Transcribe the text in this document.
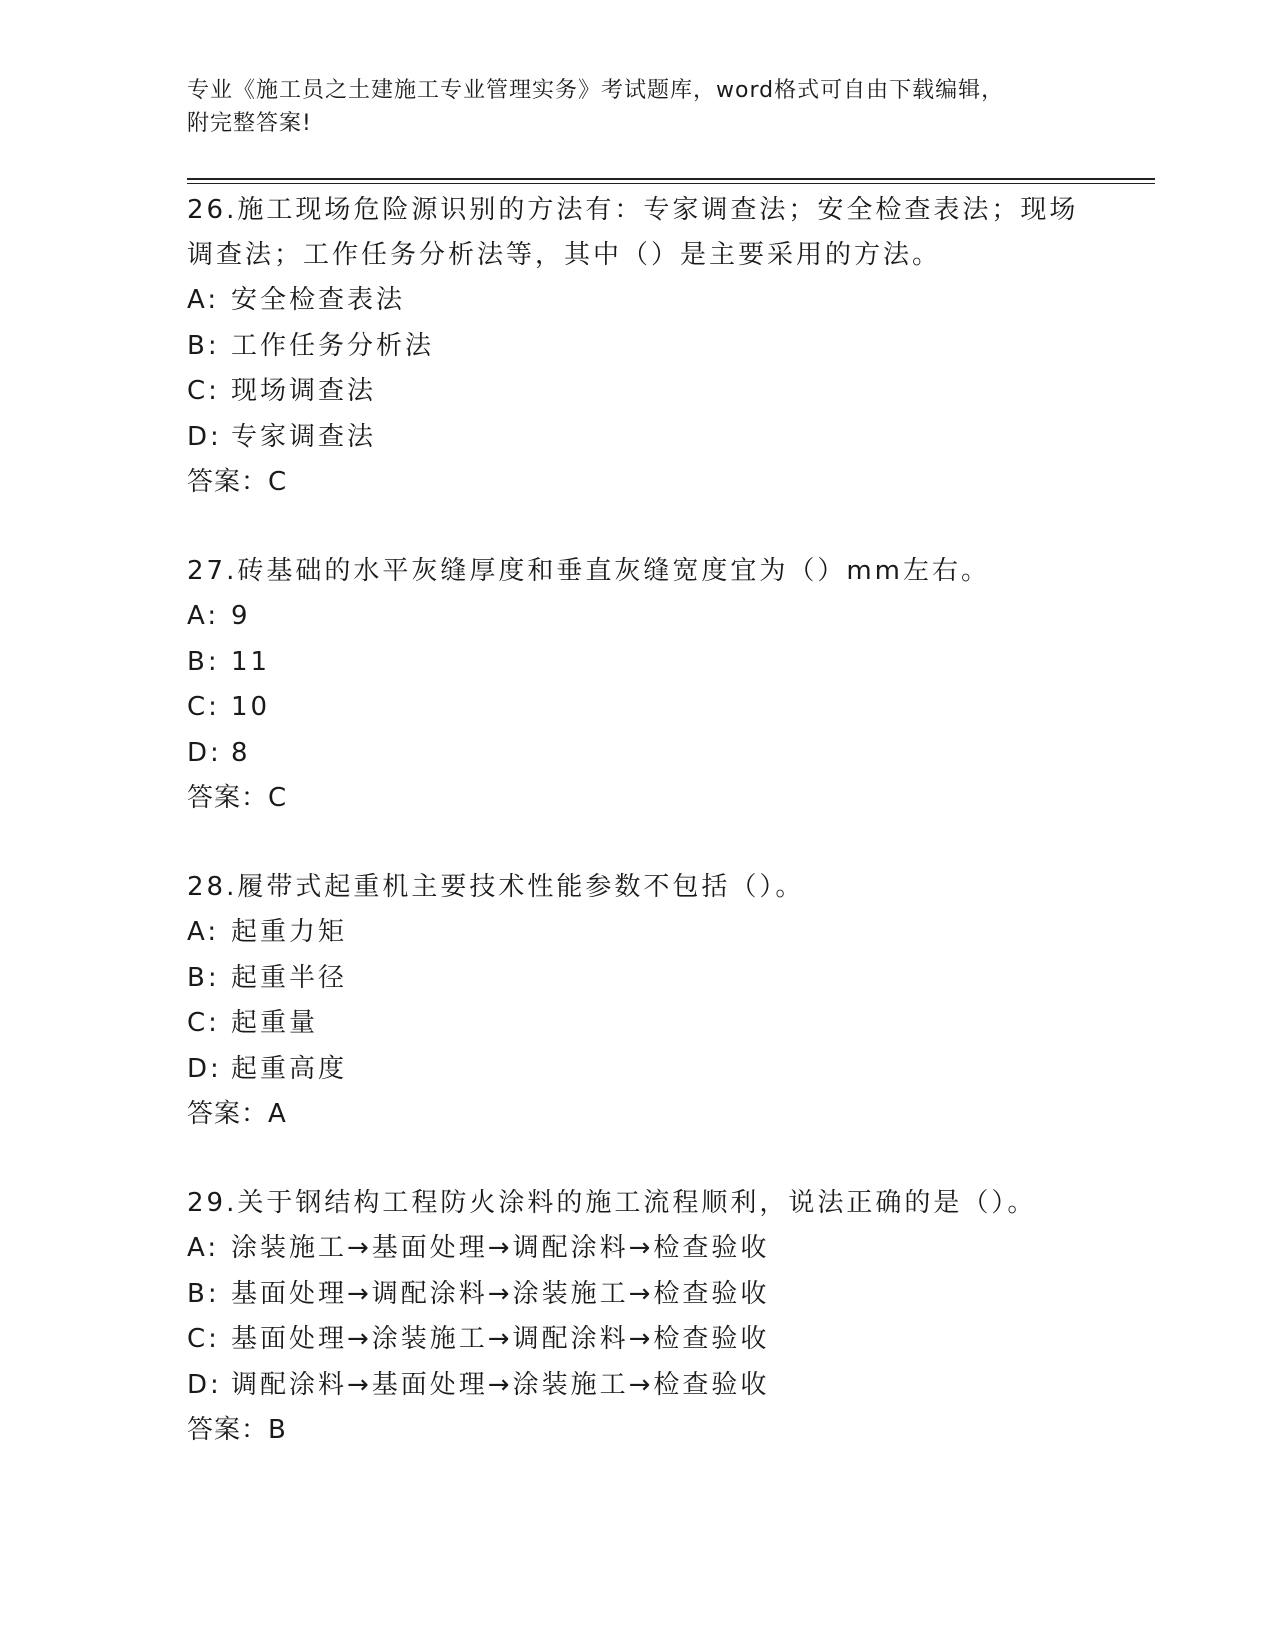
专业《施工员之土建施工专业管理实务》考试题库，word格式可自由下载编辑，
附完整答案!

26.施工现场危险源识别的方法有：专家调查法；安全检查表法；现场调查法；工作任务分析法等，其中（）是主要采用的方法。

A: 安全检查表法
B: 工作任务分析法
C: 现场调查法
D: 专家调查法

答案：C

27.砖基础的水平灰缝厚度和垂直灰缝宽度宜为（）mm左右。

A: 9
B: 11
C: 10
D: 8

答案：C

28.履带式起重机主要技术性能参数不包括（）。

A: 起重力矩
B: 起重半径
C: 起重量
D: 起重高度

答案：A

29.关于钢结构工程防火涂料的施工流程顺利，说法正确的是（）。

A: 涂装施工→基面处理→调配涂料→检查验收
B: 基面处理→调配涂料→涂装施工→检查验收
C: 基面处理→涂装施工→调配涂料→检查验收
D: 调配涂料→基面处理→涂装施工→检查验收

答案：B
